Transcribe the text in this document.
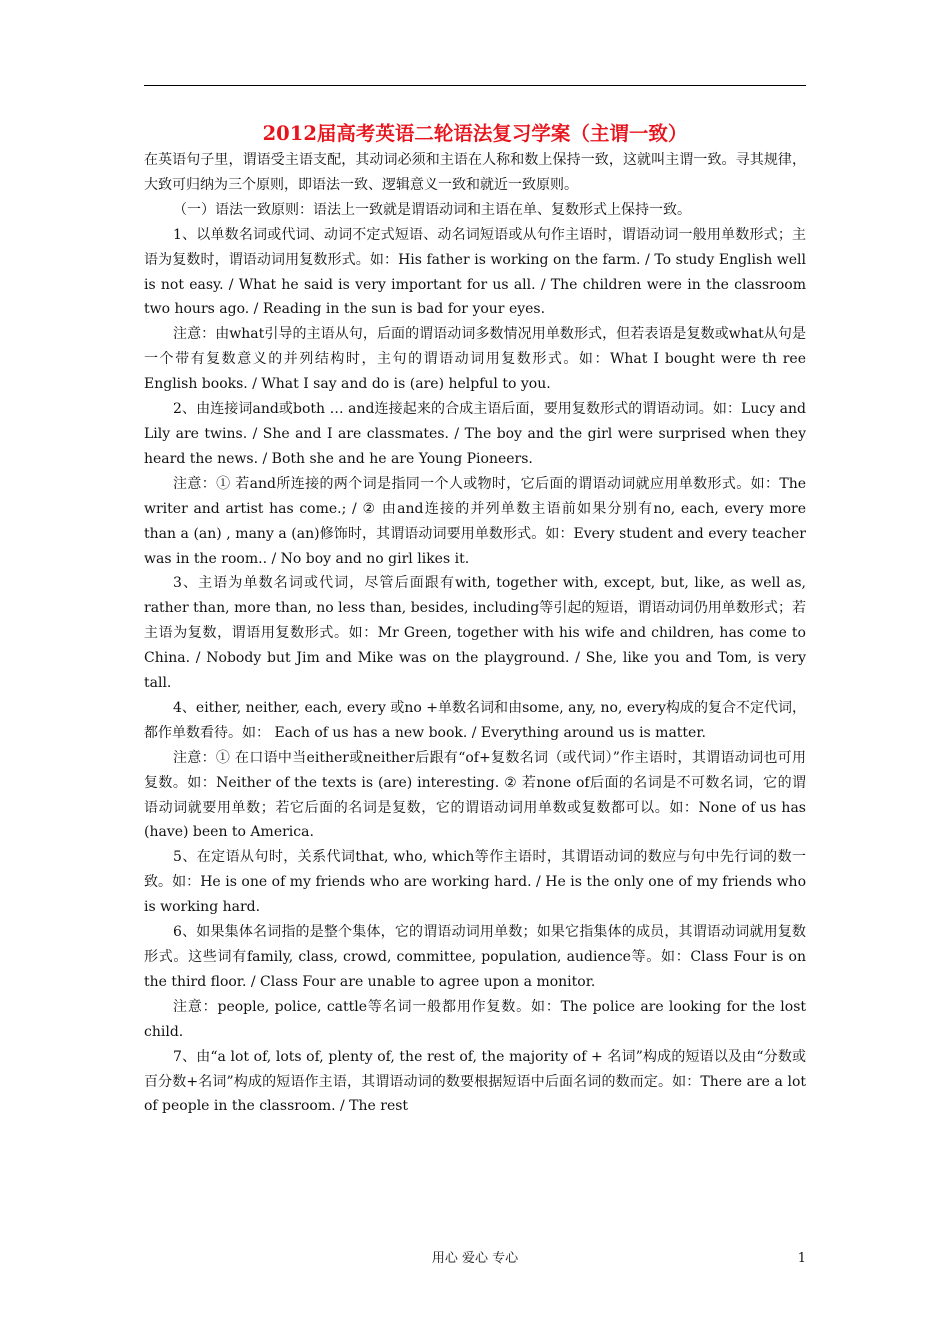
2012届高考英语二轮语法复习学案（主谓一致）

在英语句子里，谓语受主语支配，其动词必须和主语在人称和数上保持一致，这就叫主谓一致。寻其规律，大致可归纳为三个原则，即语法一致、逻辑意义一致和就近一致原则。

（一）语法一致原则：语法上一致就是谓语动词和主语在单、复数形式上保持一致。

1、以单数名词或代词、动词不定式短语、动名词短语或从句作主语时，谓语动词一般用单数形式；主语为复数时，谓语动词用复数形式。如：His father is working on the farm. / To study English well is not easy. / What he said is very important for us all. / The children were in the classroom two hours ago. / Reading in the sun is bad for your eyes.

注意：由what引导的主语从句，后面的谓语动词多数情况用单数形式，但若表语是复数或what从句是一个带有复数意义的并列结构时，主句的谓语动词用复数形式。如：What I bought were th ree English books. / What I say and do is (are) helpful to you.

2、由连接词and或both … and连接起来的合成主语后面，要用复数形式的谓语动词。如：Lucy and Lily are twins. / She and I are classmates. / The boy and the girl were surprised when they heard the news. / Both she and he are Young Pioneers.

注意：① 若and所连接的两个词是指同一个人或物时，它后面的谓语动词就应用单数形式。如：The writer and artist has come.; / ② 由and连接的并列单数主语前如果分别有no, each, every more than a (an) , many a (an)修饰时，其谓语动词要用单数形式。如：Every student and every teacher was in the room.. / No boy and no girl likes it.

3、主语为单数名词或代词，尽管后面跟有with, together with, except, but, like, as well as, rather than, more than, no less than, besides, including等引起的短语，谓语动词仍用单数形式；若主语为复数，谓语用复数形式。如：Mr Green, together with his wife and children, has come to China. / Nobody but Jim and Mike was on the playground. / She, like you and Tom, is very tall.

4、either, neither, each, every 或no +单数名词和由some, any, no, every构成的复合不定代词，都作单数看待。如： Each of us has a new book. / Everything around us is matter.

注意：① 在口语中当either或neither后跟有“of+复数名词（或代词）”作主语时，其谓语动词也可用复数。如：Neither of the texts is (are) interesting. ② 若none of后面的名词是不可数名词，它的谓语动词就要用单数；若它后面的名词是复数，它的谓语动词用单数或复数都可以。如：None of us has (have) been to America.

5、在定语从句时，关系代词that, who, which等作主语时，其谓语动词的数应与句中先行词的数一致。如：He is one of my friends who are working hard. / He is the only one of my friends who is working hard.

6、如果集体名词指的是整个集体，它的谓语动词用单数；如果它指集体的成员，其谓语动词就用复数形式。这些词有family, class, crowd, committee, population, audience等。如：Class Four is on the third floor. / Class Four are unable to agree upon a monitor.

注意：people, police, cattle等名词一般都用作复数。如：The police are looking for the lost child.

7、由“a lot of, lots of, plenty of, the rest of, the majority of + 名词”构成的短语以及由“分数或百分数+名词”构成的短语作主语，其谓语动词的数要根据短语中后面名词的数而定。如：There are a lot of people in the classroom. / The rest

用心 爱心 专心	1
